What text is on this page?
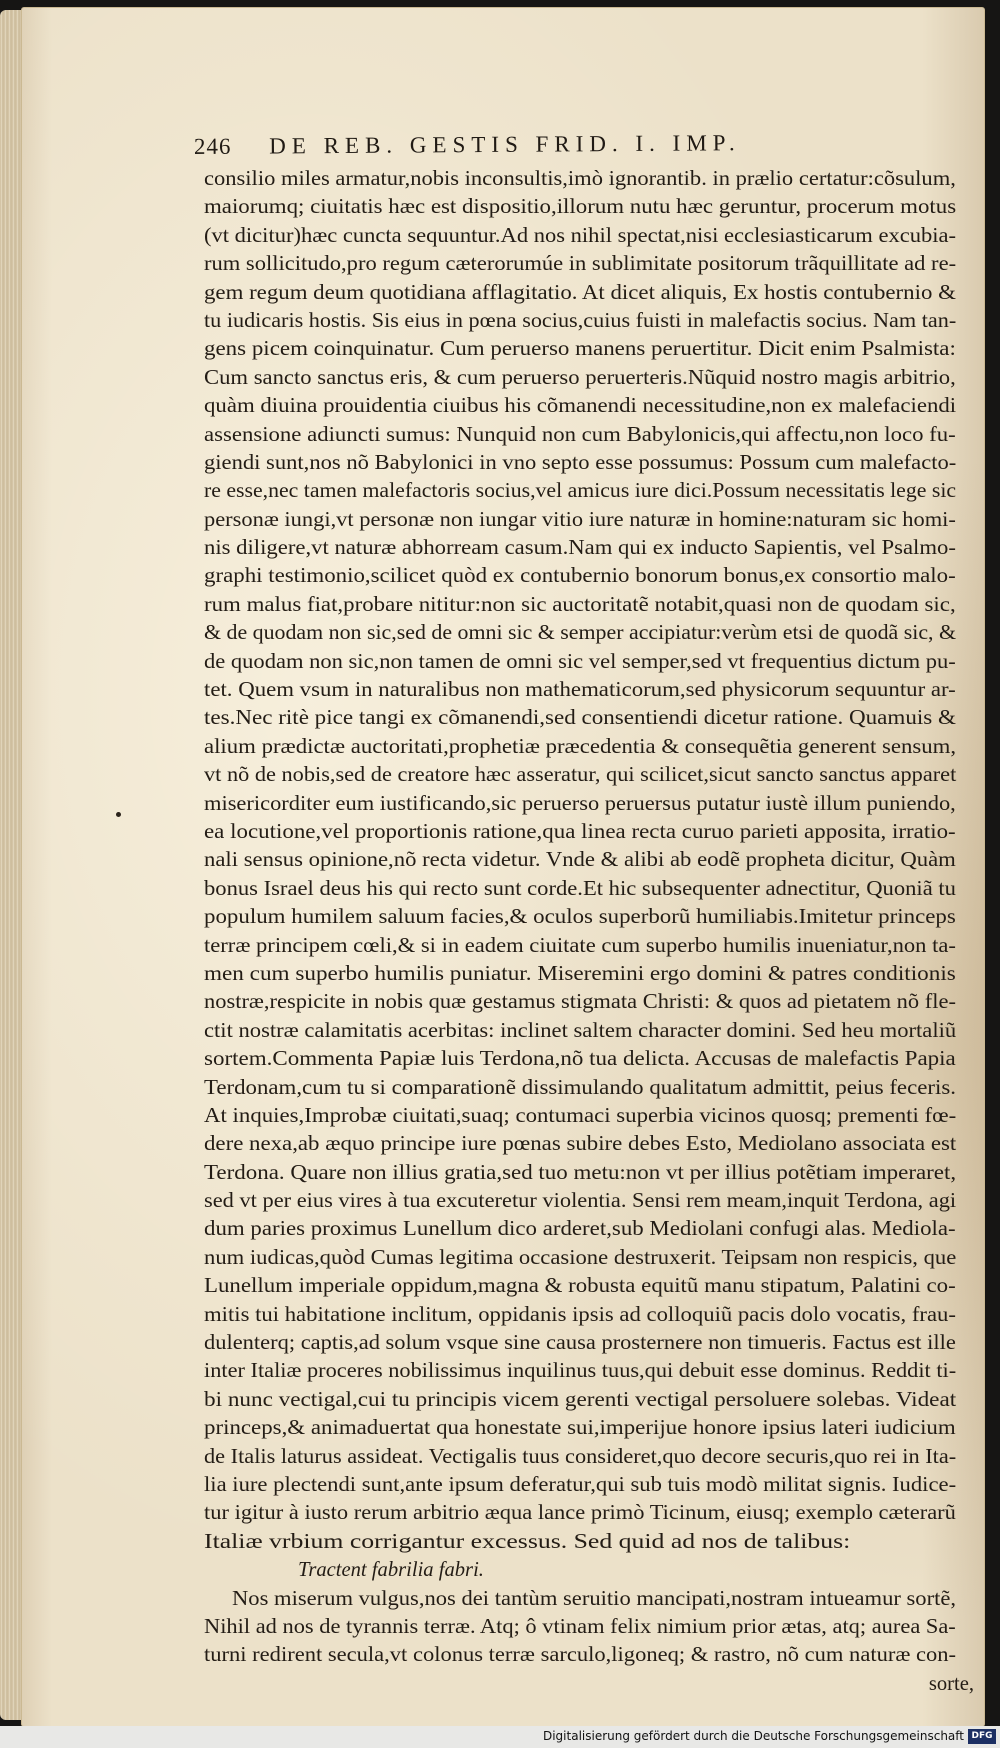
246 DE REB. GESTIS FRID. I. IMP.
consilio miles armatur,nobis inconsultis,imò ignorantib. in prælio certatur:cõsulum,
maiorumq; ciuitatis hæc est dispositio,illorum nutu hæc geruntur, procerum motus
(vt dicitur)hæc cuncta sequuntur.Ad nos nihil spectat,nisi ecclesiasticarum excubia-
rum sollicitudo,pro regum cæterorumúe in sublimitate positorum trãquillitate ad re-
gem regum deum quotidiana afflagitatio. At dicet aliquis, Ex hostis contubernio &
tu iudicaris hostis. Sis eius in pœna socius,cuius fuisti in malefactis socius. Nam tan-
gens picem coinquinatur. Cum peruerso manens peruertitur. Dicit enim Psalmista:
Cum sancto sanctus eris, & cum peruerso peruerteris.Nũquid nostro magis arbitrio,
quàm diuina prouidentia ciuibus his cõmanendi necessitudine,non ex malefaciendi
assensione adiuncti sumus: Nunquid non cum Babylonicis,qui affectu,non loco fu-
giendi sunt,nos nõ Babylonici in vno septo esse possumus: Possum cum malefacto-
re esse,nec tamen malefactoris socius,vel amicus iure dici.Possum necessitatis lege sic
personæ iungi,vt personæ non iungar vitio iure naturæ in homine:naturam sic homi-
nis diligere,vt naturæ abhorream casum.Nam qui ex inducto Sapientis, vel Psalmo-
graphi testimonio,scilicet quòd ex contubernio bonorum bonus,ex consortio malo-
rum malus fiat,probare nititur:non sic auctoritatẽ notabit,quasi non de quodam sic,
& de quodam non sic,sed de omni sic & semper accipiatur:verùm etsi de quodã sic, &
de quodam non sic,non tamen de omni sic vel semper,sed vt frequentius dictum pu-
tet. Quem vsum in naturalibus non mathematicorum,sed physicorum sequuntur ar-
tes.Nec ritè pice tangi ex cõmanendi,sed consentiendi dicetur ratione. Quamuis &
alium prædictæ auctoritati,prophetiæ præcedentia & consequẽtia generent sensum,
vt nõ de nobis,sed de creatore hæc asseratur, qui scilicet,sicut sancto sanctus apparet
misericorditer eum iustificando,sic peruerso peruersus putatur iustè illum puniendo,
ea locutione,vel proportionis ratione,qua linea recta curuo parieti apposita, irratio-
nali sensus opinione,nõ recta videtur. Vnde & alibi ab eodẽ propheta dicitur, Quàm
bonus Israel deus his qui recto sunt corde.Et hic subsequenter adnectitur, Quoniã tu
populum humilem saluum facies,& oculos superborũ humiliabis.Imitetur princeps
terræ principem cœli,& si in eadem ciuitate cum superbo humilis inueniatur,non ta-
men cum superbo humilis puniatur. Miseremini ergo domini & patres conditionis
nostræ,respicite in nobis quæ gestamus stigmata Christi: & quos ad pietatem nõ fle-
ctit nostræ calamitatis acerbitas: inclinet saltem character domini. Sed heu mortaliũ
sortem.Commenta Papiæ luis Terdona,nõ tua delicta. Accusas de malefactis Papia
Terdonam,cum tu si comparationẽ dissimulando qualitatum admittit, peius feceris.
At inquies,Improbæ ciuitati,suaq; contumaci superbia vicinos quosq; prementi fœ-
dere nexa,ab æquo principe iure pœnas subire debes Esto, Mediolano associata est
Terdona. Quare non illius gratia,sed tuo metu:non vt per illius potẽtiam imperaret,
sed vt per eius vires à tua excuteretur violentia. Sensi rem meam,inquit Terdona, agi
dum paries proximus Lunellum dico arderet,sub Mediolani confugi alas. Mediola-
num iudicas,quòd Cumas legitima occasione destruxerit. Teipsam non respicis, que
Lunellum imperiale oppidum,magna & robusta equitũ manu stipatum, Palatini co-
mitis tui habitatione inclitum, oppidanis ipsis ad colloquiũ pacis dolo vocatis, frau-
dulenterq; captis,ad solum vsque sine causa prosternere non timueris. Factus est ille
inter Italiæ proceres nobilissimus inquilinus tuus,qui debuit esse dominus. Reddit ti-
bi nunc vectigal,cui tu principis vicem gerenti vectigal persoluere solebas. Videat
princeps,& animaduertat qua honestate sui,imperijue honore ipsius lateri iudicium
de Italis laturus assideat. Vectigalis tuus consideret,quo decore securis,quo rei in Ita-
lia iure plectendi sunt,ante ipsum deferatur,qui sub tuis modò militat signis. Iudice-
tur igitur à iusto rerum arbitrio æqua lance primò Ticinum, eiusq; exemplo cæterarũ
Italiæ vrbium corrigantur excessus. Sed quid ad nos de talibus:
Tractent fabrilia fabri.
Nos miserum vulgus,nos dei tantùm seruitio mancipati,nostram intueamur sortẽ,
Nihil ad nos de tyrannis terræ. Atq; ô vtinam felix nimium prior ætas, atq; aurea Sa-
turni redirent secula,vt colonus terræ sarculo,ligoneq; & rastro, nõ cum naturæ con-
sorte,
Digitalisierung gefördert durch die Deutsche Forschungsgemeinschaft DFG
